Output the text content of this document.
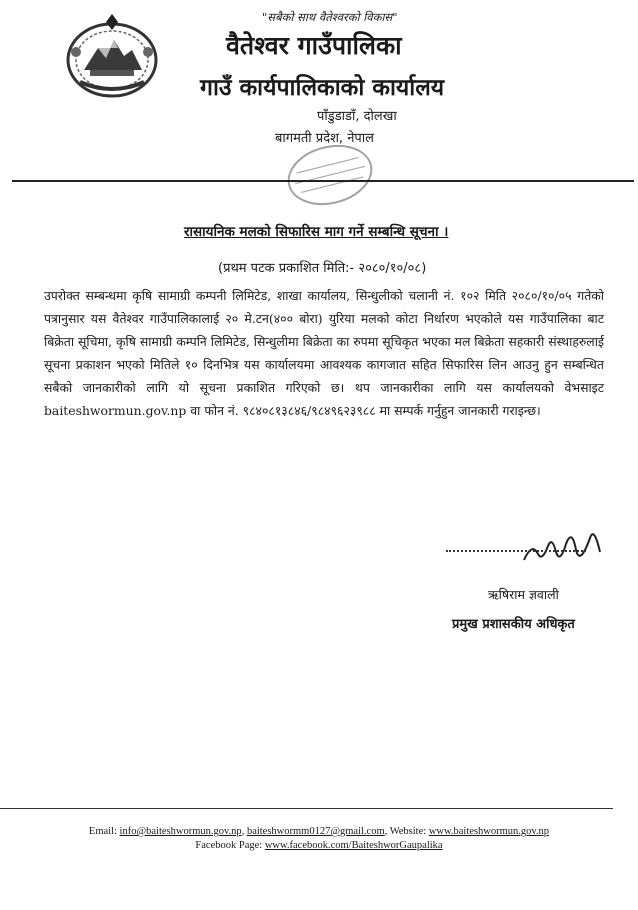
"सबैको साथ वैतेश्वरको विकास"
वैतेश्वर गाउँपालिका
गाउँ कार्यपालिकाको कार्यालय
पाँडुडाडाँ, दोलखा
बागमती प्रदेश, नेपाल
रासायनिक मलको सिफारिस माग गर्ने सम्बन्धि सूचना ।
(प्रथम पटक प्रकाशित मिति:- २०८०/१०/०८)
उपरोक्त सम्बन्धमा कृषि सामाग्री कम्पनी लिमिटेड, शाखा कार्यालय, सिन्धुलीको चलानी नं. १०२ मिति २०८०/१०/०५ गतेको पत्रानुसार यस वैतेश्वर गाउँपालिकालाई २० मे.टन(४०० बोरा) युरिया मलको कोटा निर्धारण भएकोले यस गाउँपालिका बाट बिक्रेता सूचिमा, कृषि सामाग्री कम्पनि लिमिटेड, सिन्धुलीमा बिक्रेता का रुपमा सूचिकृत भएका मल बिक्रेता सहकारी संस्थाहरुलाई सूचना प्रकाशन भएको मितिले १० दिनभित्र यस कार्यालयमा आवश्यक कागजात सहित सिफारिस लिन आउनु हुन सम्बन्धित सबैको जानकारीको लागि यो सूचना प्रकाशित गरिएको छ। थप जानकारीका लागि यस कार्यालयको वेभसाइट baiteshwormun.gov.np वा फोन नं. ९८४०८१३८४६/९८४९६२३९८८ मा सम्पर्क गर्नुहुन जानकारी गराइन्छ।
ऋषिराम ज्ञवाली
प्रमुख प्रशासकीय अधिकृत
Email: info@baiteshwormun.gov.np, baiteshwormm0127@gmail.com, Website: www.baiteshwormun.gov.np
Facebook Page: www.facebook.com/BaiteshworGaupalika
